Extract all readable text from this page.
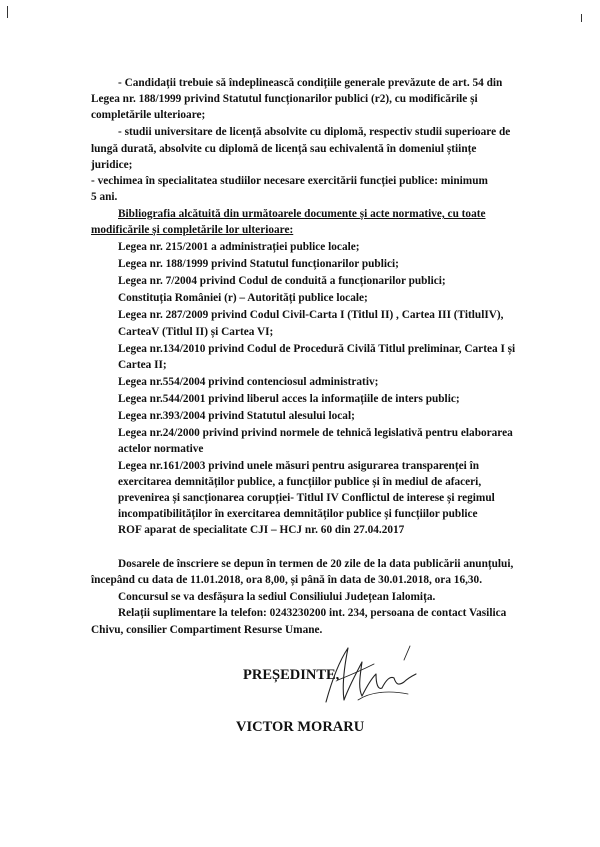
- Candidații trebuie să îndeplinească condițiile generale prevăzute de art. 54 din
Legea nr. 188/1999 privind Statutul funcționarilor publici (r2), cu modificările și
completările ulterioare;
- studii universitare de licență absolvite cu diplomă, respectiv studii superioare de
lungă durată, absolvite cu diplomă de licență sau echivalentă în domeniul științe
juridice;
- vechimea în specialitatea studiilor necesare exercitării funcției publice: minimum
5 ani.
Bibliografia alcătuită din următoarele documente și acte normative, cu toate
modificările și completările lor ulterioare:
Legea nr. 215/2001 a administrației publice locale;
Legea nr. 188/1999 privind Statutul funcționarilor publici;
Legea nr. 7/2004 privind Codul de conduită a funcționarilor publici;
Constituția României (r) – Autorități publice locale;
Legea nr. 287/2009 privind Codul Civil-Carta I (Titlul II) , Cartea III (TitlulIV),
CarteaV (Titlul II) și Cartea VI;
Legea nr.134/2010 privind Codul de Procedură Civilă Titlul preliminar, Cartea I și
Cartea II;
Legea nr.554/2004 privind contenciosul administrativ;
Legea nr.544/2001 privind liberul acces la informațiile de inters public;
Legea nr.393/2004 privind Statutul alesului local;
Legea nr.24/2000 privind privind normele de tehnică legislativă pentru elaborarea
actelor normative
Legea nr.161/2003 privind unele măsuri pentru asigurarea transparenței în
exercitarea demnităților publice, a funcțiilor publice și în mediul de afaceri,
prevenirea și sancționarea corupției- Titlul IV Conflictul de interese și regimul
incompatibilităților în exercitarea demnităților publice și funcțiilor publice
ROF aparat de specialitate CJI – HCJ nr. 60 din 27.04.2017
Dosarele de înscriere se depun în termen de 20 zile de la data publicării anunțului,
începând cu data de 11.01.2018, ora 8,00, și până în data de 30.01.2018, ora 16,30.
Concursul se va desfășura la sediul Consiliului Județean Ialomița.
Relații suplimentare la telefon: 0243230200 int. 234, persoana de contact Vasilica
Chivu, consilier Compartiment Resurse Umane.
PREȘEDINTE,
VICTOR MORARU
